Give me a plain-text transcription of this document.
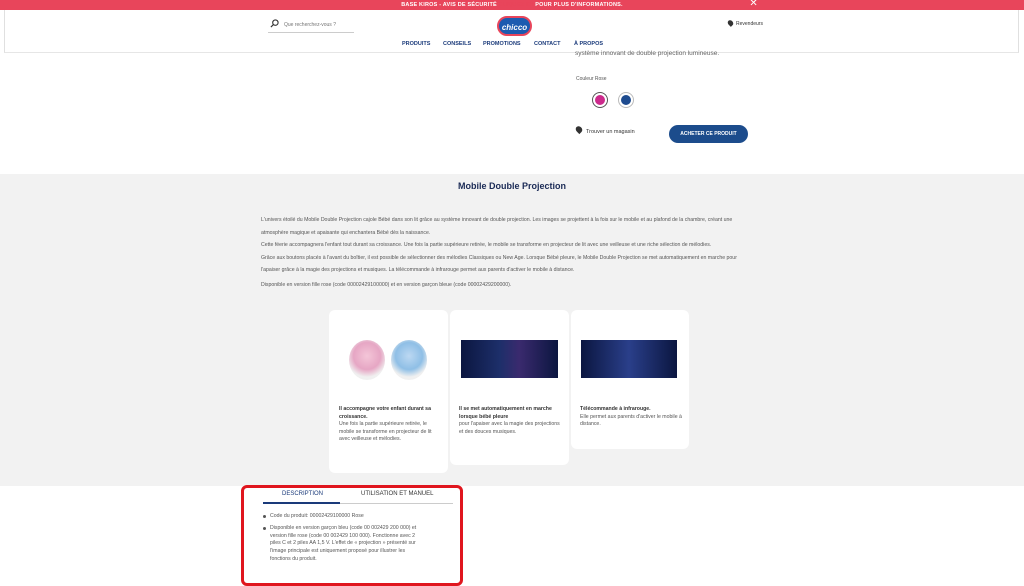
BASE KIROS - AVIS DE SÉCURITÉ CLIQUEZ ICI POUR PLUS D'INFORMATIONS.	✕
Que recherchez-vous ?
chicco	Revendeurs
PRODUITS CONSEILS PROMOTIONS CONTACT À PROPOS
système innovant de double projection lumineuse.
Couleur Rose
Trouver un magasin	ACHETER CE PRODUIT
Mobile Double Projection

L'univers étoilé du Mobile Double Projection cajole Bébé dans son lit grâce au système innovant de double projection. Les images se projettent à la fois sur le mobile et au plafond de la chambre, créant une atmosphère magique et apaisante qui enchantera Bébé dès la naissance.

Cette féerie accompagnera l'enfant tout durant sa croissance. Une fois la partie supérieure retirée, le mobile se transforme en projecteur de lit avec une veilleuse et une riche sélection de mélodies.

Grâce aux boutons placés à l'avant du boîtier, il est possible de sélectionner des mélodies Classiques ou New Age. Lorsque Bébé pleure, le Mobile Double Projection se met automatiquement en marche pour l'apaiser grâce à la magie des projections et musiques. La télécommande à infrarouge permet aux parents d'activer le mobile à distance.

Disponible en version fille rose (code 00002429100000) et en version garçon bleue (code 00002429200000).

Il accompagne votre enfant durant sa croissance.
Une fois la partie supérieure retirée, le mobile se transforme en projecteur de lit avec veilleuse et mélodies.
Il se met automatiquement en marche lorsque bébé pleure
pour l'apaiser avec la magie des projections et des douces musiques.
Télécommande à infrarouge.
Elle permet aux parents d'activer le mobile à distance.
DESCRIPTION	UTILISATION ET MANUEL
Code du produit: 00002429100000 Rose
Disponible en version garçon bleu (code 00 002429 200 000) et version fille rose (code 00 002429 100 000). Fonctionne avec 2 piles C et 2 piles AA 1,5 V. L'effet de « projection » présenté sur l'image principale est uniquement proposé pour illustrer les fonctions du produit.
